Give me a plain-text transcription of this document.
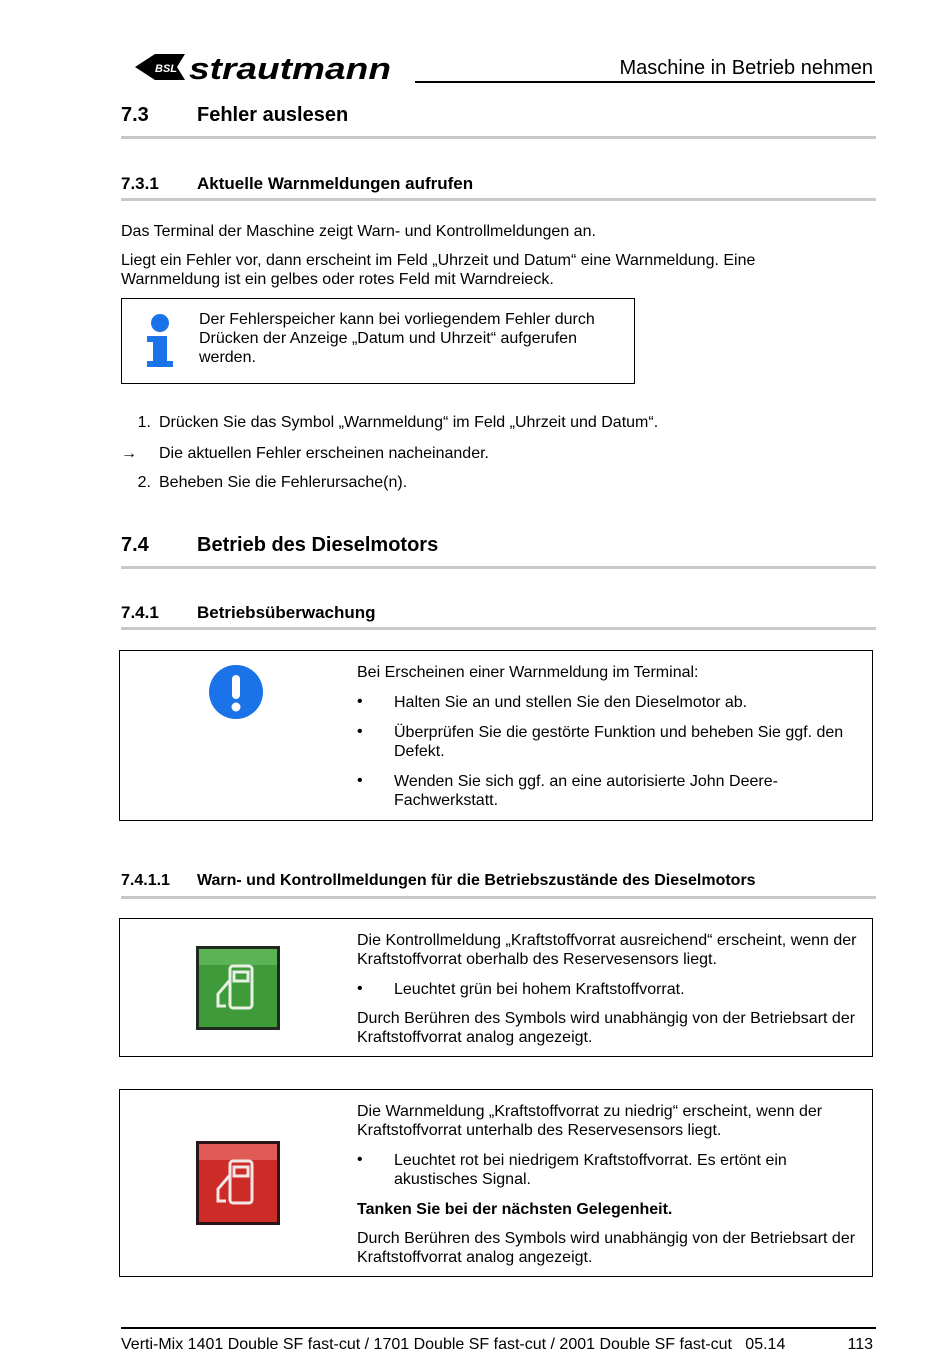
BSL strautmann	Maschine in Betrieb nehmen
7.3 Fehler auslesen
7.3.1 Aktuelle Warnmeldungen aufrufen
Das Terminal der Maschine zeigt Warn- und Kontrollmeldungen an.
Liegt ein Fehler vor, dann erscheint im Feld „Uhrzeit und Datum“ eine Warnmeldung. Eine Warnmeldung ist ein gelbes oder rotes Feld mit Warndreieck.
Der Fehlerspeicher kann bei vorliegendem Fehler durch Drücken der Anzeige „Datum und Uhrzeit“ aufgerufen werden.
1. Drücken Sie das Symbol „Warnmeldung“ im Feld „Uhrzeit und Datum“.
→ Die aktuellen Fehler erscheinen nacheinander.
2. Beheben Sie die Fehlerursache(n).
7.4 Betrieb des Dieselmotors
7.4.1 Betriebsüberwachung
Bei Erscheinen einer Warnmeldung im Terminal:
• Halten Sie an und stellen Sie den Dieselmotor ab.
• Überprüfen Sie die gestörte Funktion und beheben Sie ggf. den Defekt.
• Wenden Sie sich ggf. an eine autorisierte John Deere-Fachwerkstatt.
7.4.1.1 Warn- und Kontrollmeldungen für die Betriebszustände des Dieselmotors
Die Kontrollmeldung „Kraftstoffvorrat ausreichend“ erscheint, wenn der Kraftstoffvorrat oberhalb des Reservesensors liegt.
• Leuchtet grün bei hohem Kraftstoffvorrat.
Durch Berühren des Symbols wird unabhängig von der Betriebsart der Kraftstoffvorrat analog angezeigt.
Die Warnmeldung „Kraftstoffvorrat zu niedrig“ erscheint, wenn der Kraftstoffvorrat unterhalb des Reservesensors liegt.
• Leuchtet rot bei niedrigem Kraftstoffvorrat. Es ertönt ein akustisches Signal.
Tanken Sie bei der nächsten Gelegenheit.
Durch Berühren des Symbols wird unabhängig von der Betriebsart der Kraftstoffvorrat analog angezeigt.
Verti-Mix 1401 Double SF fast-cut / 1701 Double SF fast-cut / 2001 Double SF fast-cut   05.14	113
